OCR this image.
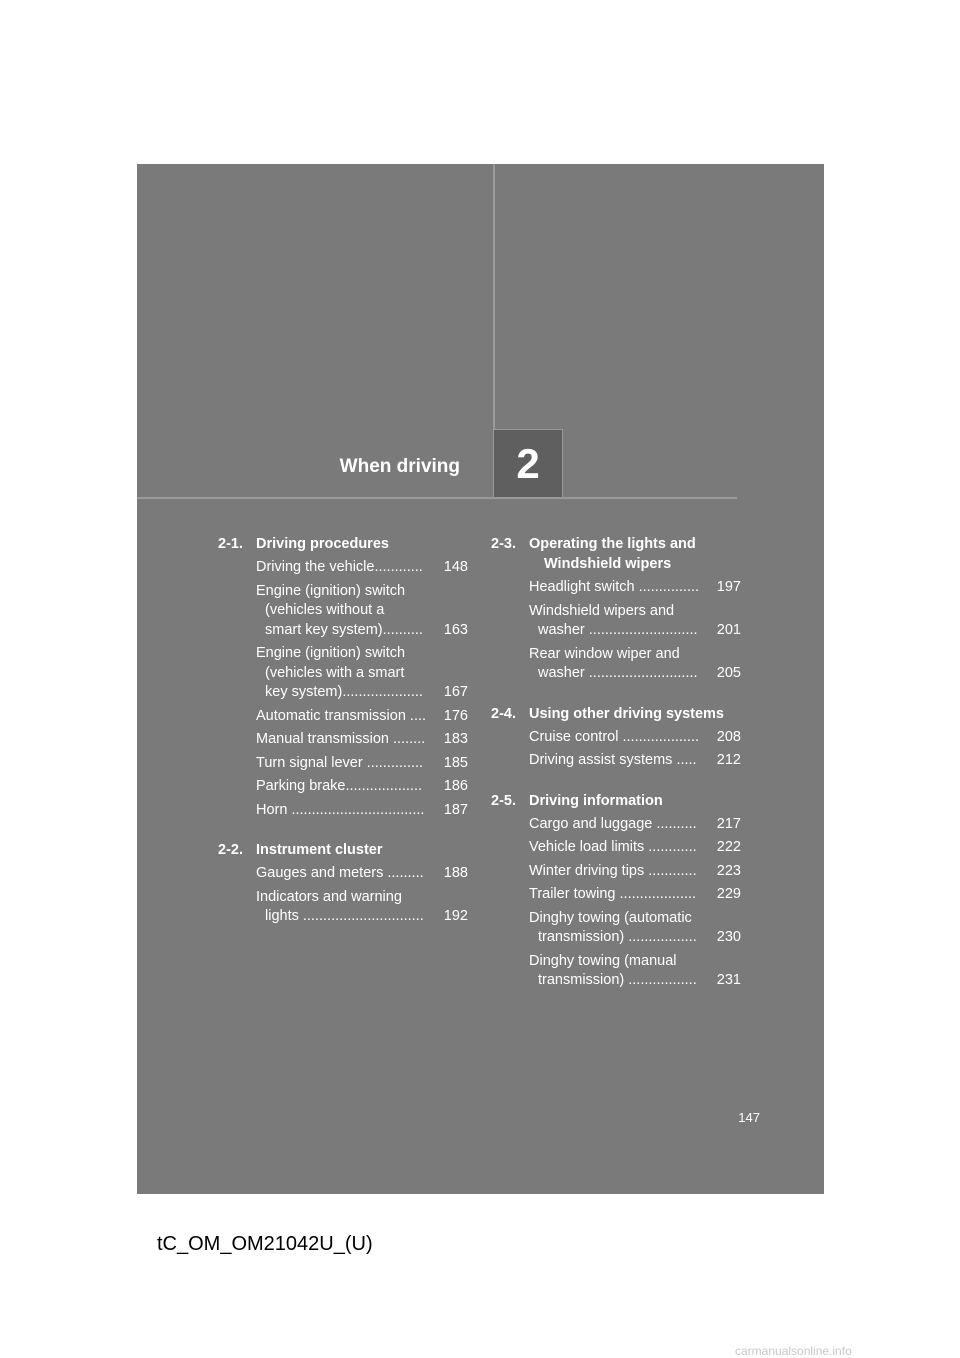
When driving 2
2-1. Driving procedures
Driving the vehicle............	148
Engine (ignition) switch
(vehicles without a
smart key system)..........	163
Engine (ignition) switch
(vehicles with a smart
key system)....................	167
Automatic transmission ....	176
Manual transmission ........	183
Turn signal lever ..............	185
Parking brake...................	186
Horn .................................	187
2-2. Instrument cluster
Gauges and meters .........	188
Indicators and warning
lights ..............................	192
2-3. Operating the lights and
Windshield wipers
Headlight switch ...............	197
Windshield wipers and
washer ...........................	201
Rear window wiper and
washer ...........................	205
2-4. Using other driving systems
Cruise control ...................	208
Driving assist systems .....	212
2-5. Driving information
Cargo and luggage ..........	217
Vehicle load limits ............	222
Winter driving tips ............	223
Trailer towing ...................	229
Dinghy towing (automatic
transmission) .................	230
Dinghy towing (manual
transmission) .................	231
147
tC_OM_OM21042U_(U)
carmanualsonline.info
